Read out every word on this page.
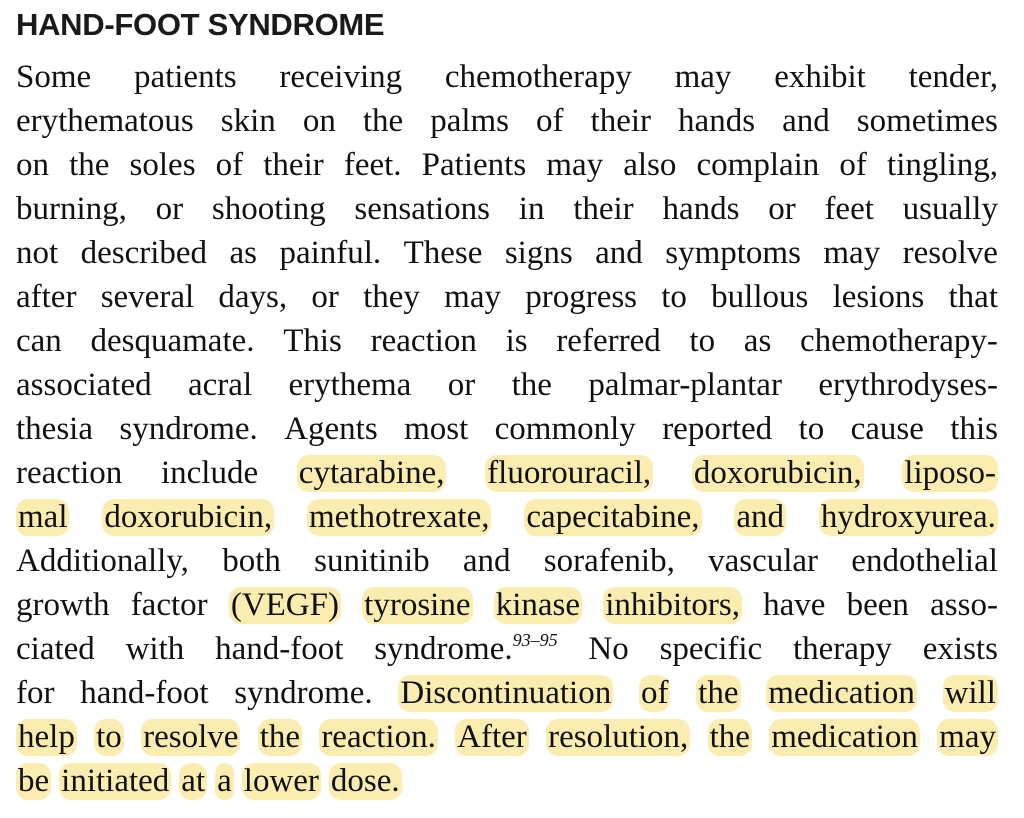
HAND-FOOT SYNDROME
Some patients receiving chemotherapy may exhibit tender,
erythematous skin on the palms of their hands and sometimes
on the soles of their feet. Patients may also complain of tingling,
burning, or shooting sensations in their hands or feet usually
not described as painful. These signs and symptoms may resolve
after several days, or they may progress to bullous lesions that
can desquamate. This reaction is referred to as chemotherapy-
associated acral erythema or the palmar-plantar erythrodyses-
thesia syndrome. Agents most commonly reported to cause this
reaction include cytarabine, fluorouracil, doxorubicin, liposo-
mal doxorubicin, methotrexate, capecitabine, and hydroxyurea.
Additionally, both sunitinib and sorafenib, vascular endothelial
growth factor (VEGF) tyrosine kinase inhibitors, have been asso-
ciated with hand-foot syndrome.$^{93-95}$ No specific therapy exists
for hand-foot syndrome. Discontinuation of the medication will
help to resolve the reaction. After resolution, the medication may
be initiated at a lower dose.
